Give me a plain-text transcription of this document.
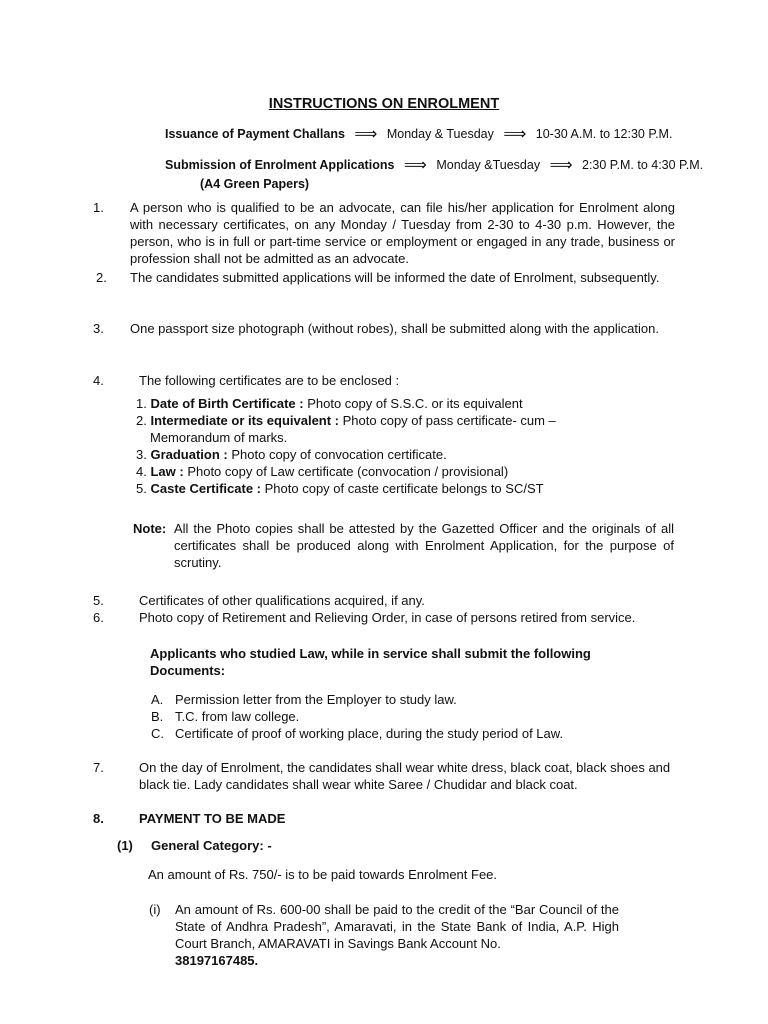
INSTRUCTIONS ON ENROLMENT
Issuance of Payment Challans ⟹ Monday & Tuesday ⟹ 10-30 A.M. to 12:30 P.M.
Submission of Enrolment Applications ⟹ Monday &Tuesday ⟹ 2:30 P.M. to 4:30 P.M.
(A4 Green Papers)
1.	A person who is qualified to be an advocate, can file his/her application for Enrolment along with necessary certificates, on any Monday / Tuesday from 2-30 to 4-30 p.m. However, the person, who is in full or part-time service or employment or engaged in any trade, business or profession shall not be admitted as an advocate.
2.	The candidates submitted applications will be informed the date of Enrolment, subsequently.
3.	One passport size photograph (without robes), shall be submitted along with the application.
4.	The following certificates are to be enclosed :
1. Date of Birth Certificate : Photo copy of S.S.C. or its equivalent
2. Intermediate or its equivalent : Photo copy of pass certificate- cum –
Memorandum of marks.
3. Graduation : Photo copy of convocation certificate.
4. Law : Photo copy of Law certificate (convocation / provisional)
5. Caste Certificate : Photo copy of caste certificate belongs to SC/ST
Note: All the Photo copies shall be attested by the Gazetted Officer and the originals of all certificates shall be produced along with Enrolment Application, for the purpose of scrutiny.
5.	Certificates of other qualifications acquired, if any.
6.	Photo copy of Retirement and Relieving Order, in case of persons retired from service.
Applicants who studied Law, while in service shall submit the following Documents:
A. Permission letter from the Employer to study law.
B. T.C. from law college.
C. Certificate of proof of working place, during the study period of Law.
7.	On the day of Enrolment, the candidates shall wear white dress, black coat, black shoes and black tie. Lady candidates shall wear white Saree / Chudidar and black coat.
8.	PAYMENT TO BE MADE
(1) General Category: -
An amount of Rs. 750/- is to be paid towards Enrolment Fee.
(i) An amount of Rs. 600-00 shall be paid to the credit of the “Bar Council of the State of Andhra Pradesh”, Amaravati, in the State Bank of India, A.P. High Court Branch, AMARAVATI in Savings Bank Account No.
38197167485.
